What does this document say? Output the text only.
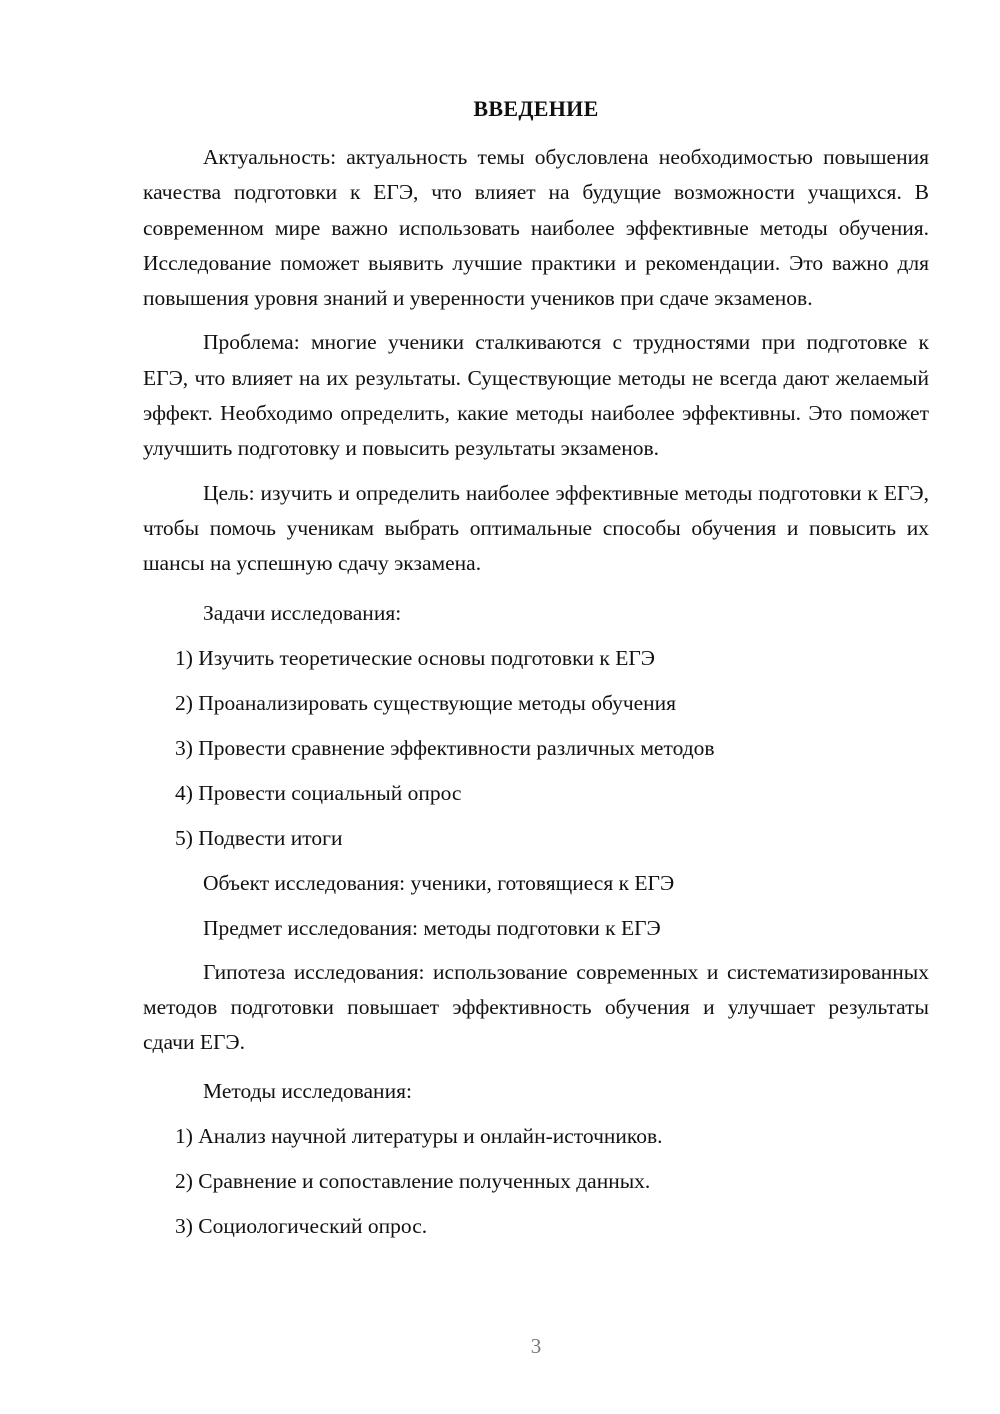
ВВЕДЕНИЕ

Актуальность: актуальность темы обусловлена необходимостью повышения качества подготовки к ЕГЭ, что влияет на будущие возможности учащихся. В современном мире важно использовать наиболее эффективные методы обучения. Исследование поможет выявить лучшие практики и рекомендации. Это важно для повышения уровня знаний и уверенности учеников при сдаче экзаменов.

Проблема: многие ученики сталкиваются с трудностями при подготовке к ЕГЭ, что влияет на их результаты. Существующие методы не всегда дают желаемый эффект. Необходимо определить, какие методы наиболее эффективны. Это поможет улучшить подготовку и повысить результаты экзаменов.

Цель: изучить и определить наиболее эффективные методы подготовки к ЕГЭ, чтобы помочь ученикам выбрать оптимальные способы обучения и повысить их шансы на успешную сдачу экзамена.

Задачи исследования:

1) Изучить теоретические основы подготовки к ЕГЭ

2) Проанализировать существующие методы обучения

3) Провести сравнение эффективности различных методов

4) Провести социальный опрос

5) Подвести итоги

Объект исследования: ученики, готовящиеся к ЕГЭ

Предмет исследования: методы подготовки к ЕГЭ

Гипотеза исследования: использование современных и систематизированных методов подготовки повышает эффективность обучения и улучшает результаты сдачи ЕГЭ.

Методы исследования:

1) Анализ научной литературы и онлайн-источников.

2) Сравнение и сопоставление полученных данных.

3) Социологический опрос.

3
